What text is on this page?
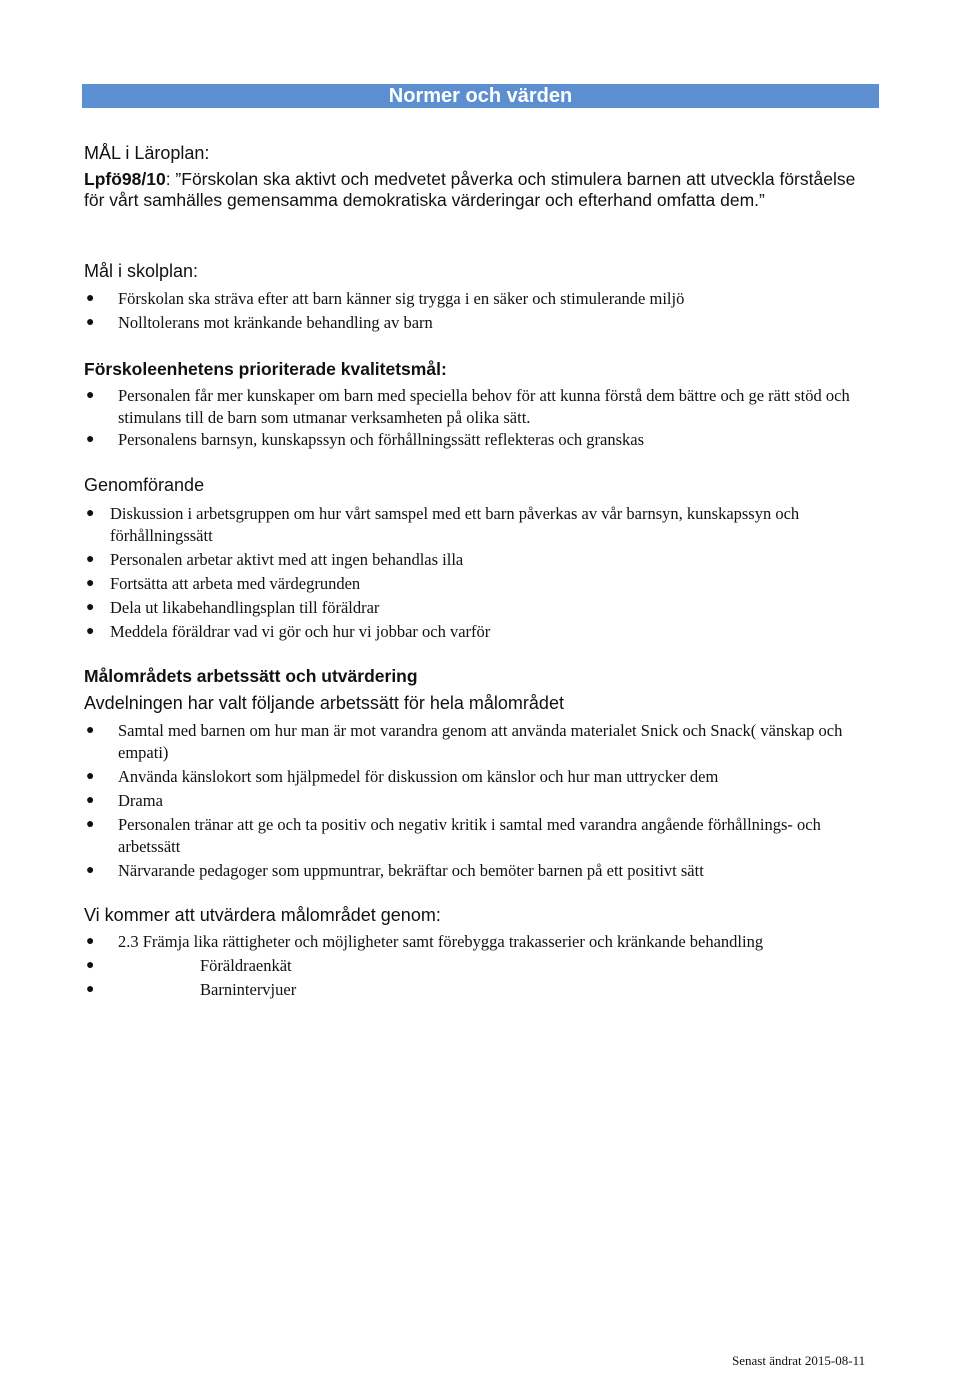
Normer och värden
MÅL i Läroplan:
Lpfö98/10: ”Förskolan ska aktivt och medvetet påverka och stimulera barnen att utveckla förståelse för vårt samhälles gemensamma demokratiska värderingar och efterhand omfatta dem.”
Mål i skolplan:
● Förskolan ska sträva efter att barn känner sig trygga i en säker och stimulerande miljö
● Nolltolerans mot kränkande behandling av barn
Förskoleenhetens prioriterade kvalitetsmål:
● Personalen får mer kunskaper om barn med speciella behov för att kunna förstå dem bättre och ge rätt stöd och stimulans till de barn som utmanar verksamheten på olika sätt.
● Personalens barnsyn, kunskapssyn och förhållningssätt reflekteras och granskas
Genomförande
● Diskussion i arbetsgruppen om hur vårt samspel med ett barn påverkas av vår barnsyn, kunskapssyn och förhållningssätt
● Personalen arbetar aktivt med att ingen behandlas illa
● Fortsätta att arbeta med värdegrunden
● Dela ut likabehandlingsplan till föräldrar
● Meddela föräldrar vad vi gör och hur vi jobbar och varför
Målområdets arbetssätt och utvärdering
Avdelningen har valt följande arbetssätt för hela målområdet
● Samtal med barnen om hur man är mot varandra genom att använda materialet Snick och Snack( vänskap och empati)
● Använda känslokort som hjälpmedel för diskussion om känslor och hur man uttrycker dem
● Drama
● Personalen tränar att ge och ta positiv och negativ kritik i samtal med varandra angående förhållnings- och arbetssätt
● Närvarande pedagoger som uppmuntrar, bekräftar och bemöter barnen på ett positivt sätt
Vi kommer att utvärdera målområdet genom:
● 2.3 Främja lika rättigheter och möjligheter samt förebygga trakasserier och kränkande behandling
●	Föräldraenkät
●	Barnintervjuer
Senast ändrat 2015-08-11
